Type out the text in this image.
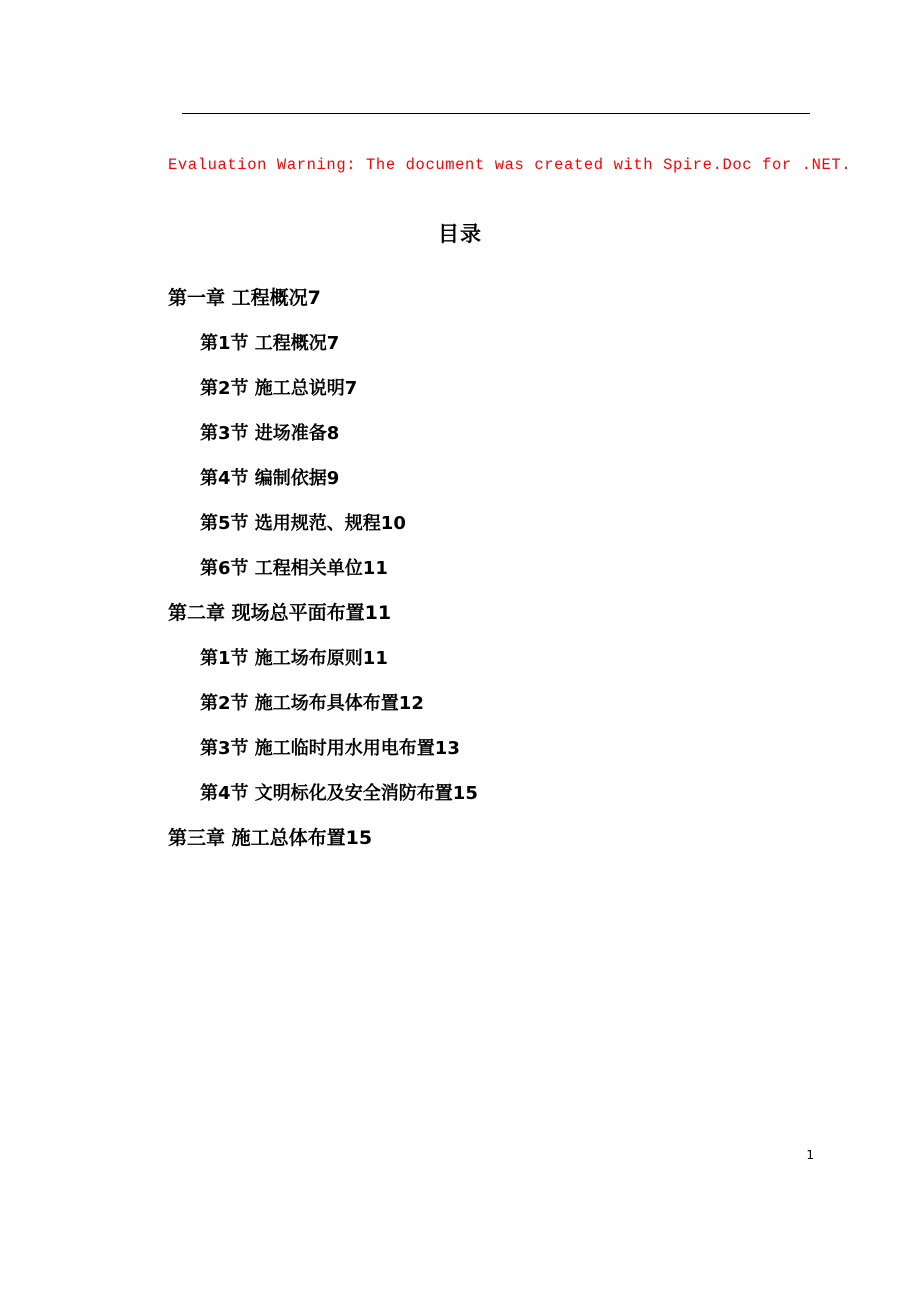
Evaluation Warning: The document was created with Spire.Doc for .NET.
目录
第一章 工程概况7
第1节 工程概况7
第2节 施工总说明7
第3节 进场准备8
第4节 编制依据9
第5节 选用规范、规程10
第6节 工程相关单位11
第二章 现场总平面布置11
第1节 施工场布原则11
第2节 施工场布具体布置12
第3节 施工临时用水用电布置13
第4节 文明标化及安全消防布置15
第三章 施工总体布置15
1
